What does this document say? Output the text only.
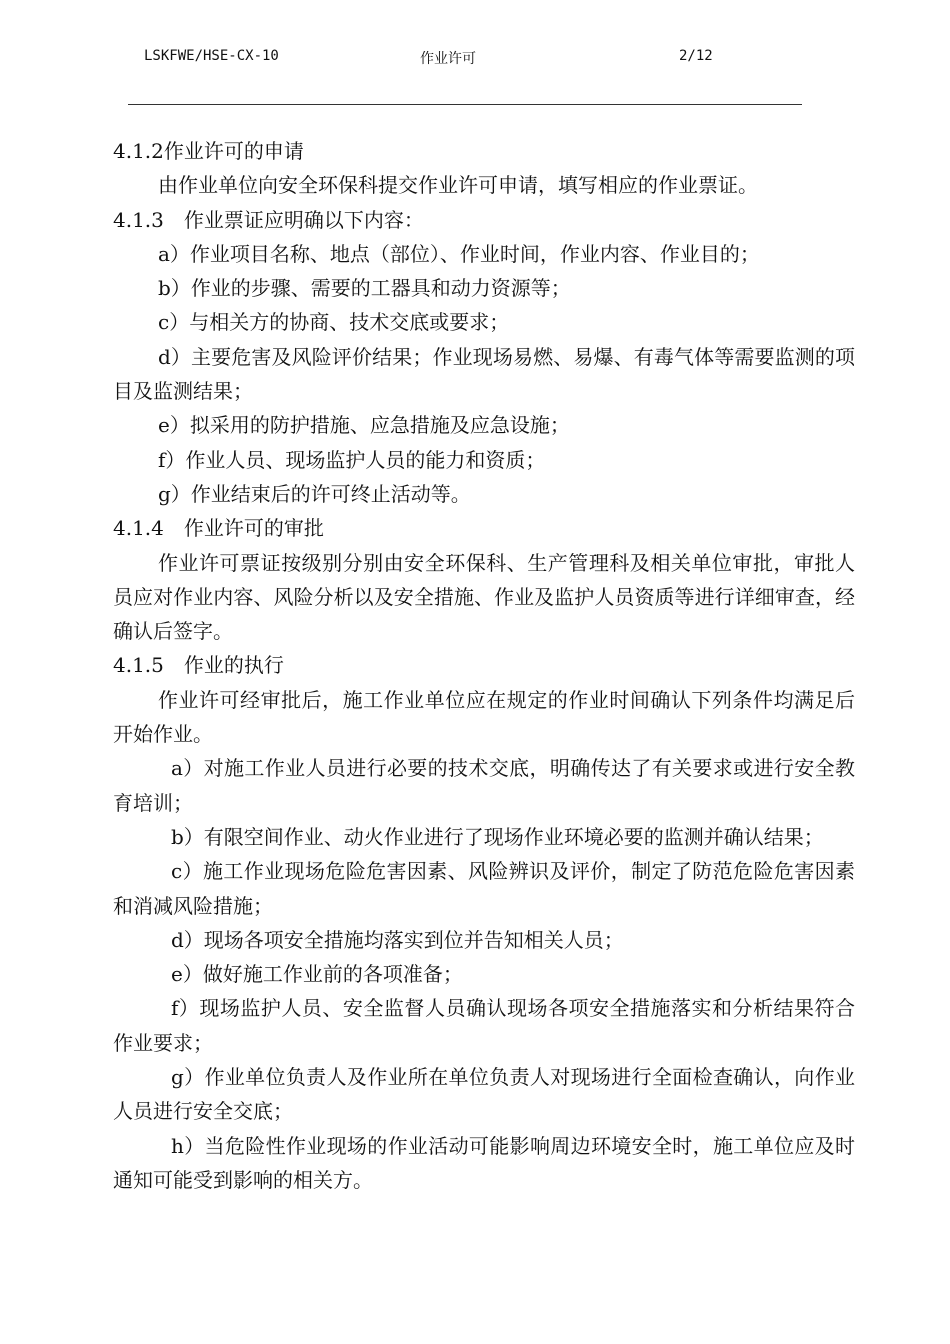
LSKFWE/HSE-CX-10	作业许可	2/12

4.1.2作业许可的申请

由作业单位向安全环保科提交作业许可申请，填写相应的作业票证。

4.1.3　作业票证应明确以下内容：

a）作业项目名称、地点（部位）、作业时间，作业内容、作业目的；

b）作业的步骤、需要的工器具和动力资源等；

c）与相关方的协商、技术交底或要求；

d）主要危害及风险评价结果；作业现场易燃、易爆、有毒气体等需要监测的项目及监测结果；

e）拟采用的防护措施、应急措施及应急设施；

f）作业人员、现场监护人员的能力和资质；

g）作业结束后的许可终止活动等。

4.1.4　作业许可的审批

作业许可票证按级别分别由安全环保科、生产管理科及相关单位审批，审批人员应对作业内容、风险分析以及安全措施、作业及监护人员资质等进行详细审查，经确认后签字。

4.1.5　作业的执行

作业许可经审批后，施工作业单位应在规定的作业时间确认下列条件均满足后开始作业。

a）对施工作业人员进行必要的技术交底，明确传达了有关要求或进行安全教育培训；

b）有限空间作业、动火作业进行了现场作业环境必要的监测并确认结果；

c）施工作业现场危险危害因素、风险辨识及评价，制定了防范危险危害因素和消减风险措施；

d）现场各项安全措施均落实到位并告知相关人员；

e）做好施工作业前的各项准备；

f）现场监护人员、安全监督人员确认现场各项安全措施落实和分析结果符合作业要求；

g）作业单位负责人及作业所在单位负责人对现场进行全面检查确认，向作业人员进行安全交底；

h）当危险性作业现场的作业活动可能影响周边环境安全时，施工单位应及时通知可能受到影响的相关方。
